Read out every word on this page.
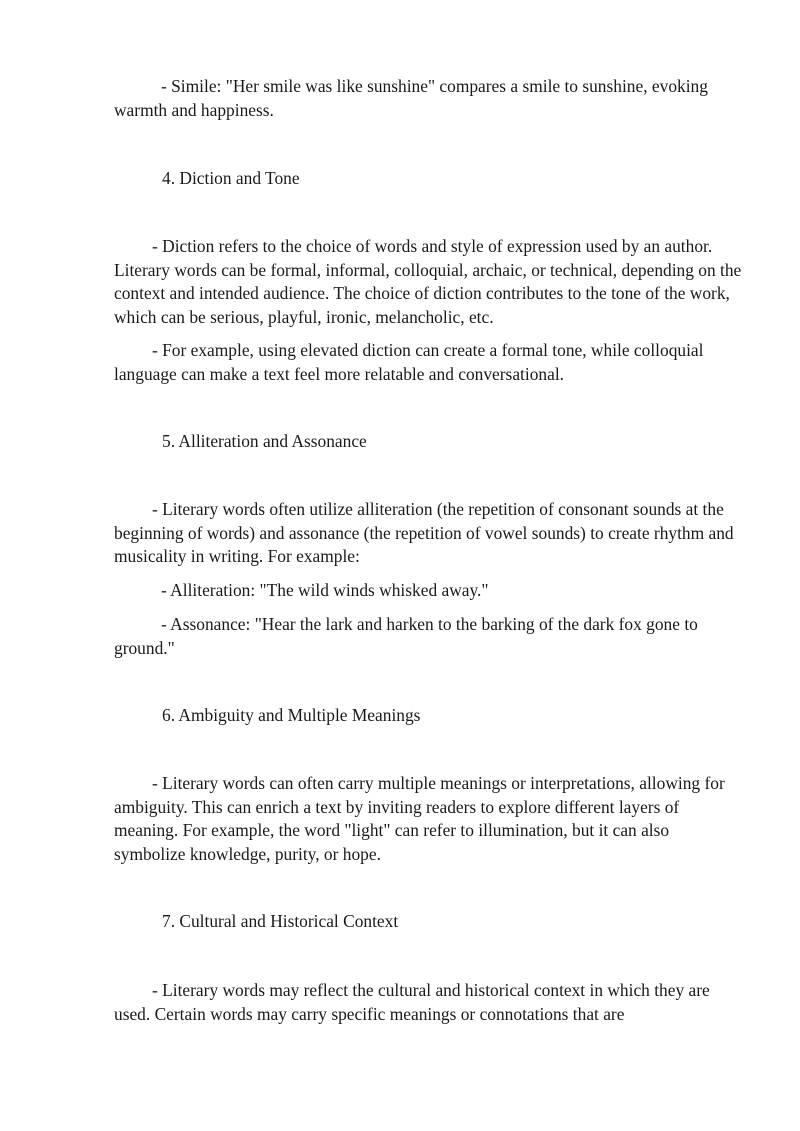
- Simile: "Her smile was like sunshine" compares a smile to sunshine, evoking warmth and happiness.

4. Diction and Tone

- Diction refers to the choice of words and style of expression used by an author. Literary words can be formal, informal, colloquial, archaic, or technical, depending on the context and intended audience. The choice of diction contributes to the tone of the work, which can be serious, playful, ironic, melancholic, etc.

- For example, using elevated diction can create a formal tone, while colloquial language can make a text feel more relatable and conversational.

5. Alliteration and Assonance

- Literary words often utilize alliteration (the repetition of consonant sounds at the beginning of words) and assonance (the repetition of vowel sounds) to create rhythm and musicality in writing. For example:

- Alliteration: "The wild winds whisked away."

- Assonance: "Hear the lark and harken to the barking of the dark fox gone to ground."

6. Ambiguity and Multiple Meanings

- Literary words can often carry multiple meanings or interpretations, allowing for ambiguity. This can enrich a text by inviting readers to explore different layers of meaning. For example, the word "light" can refer to illumination, but it can also symbolize knowledge, purity, or hope.

7. Cultural and Historical Context

- Literary words may reflect the cultural and historical context in which they are used. Certain words may carry specific meanings or connotations that are
